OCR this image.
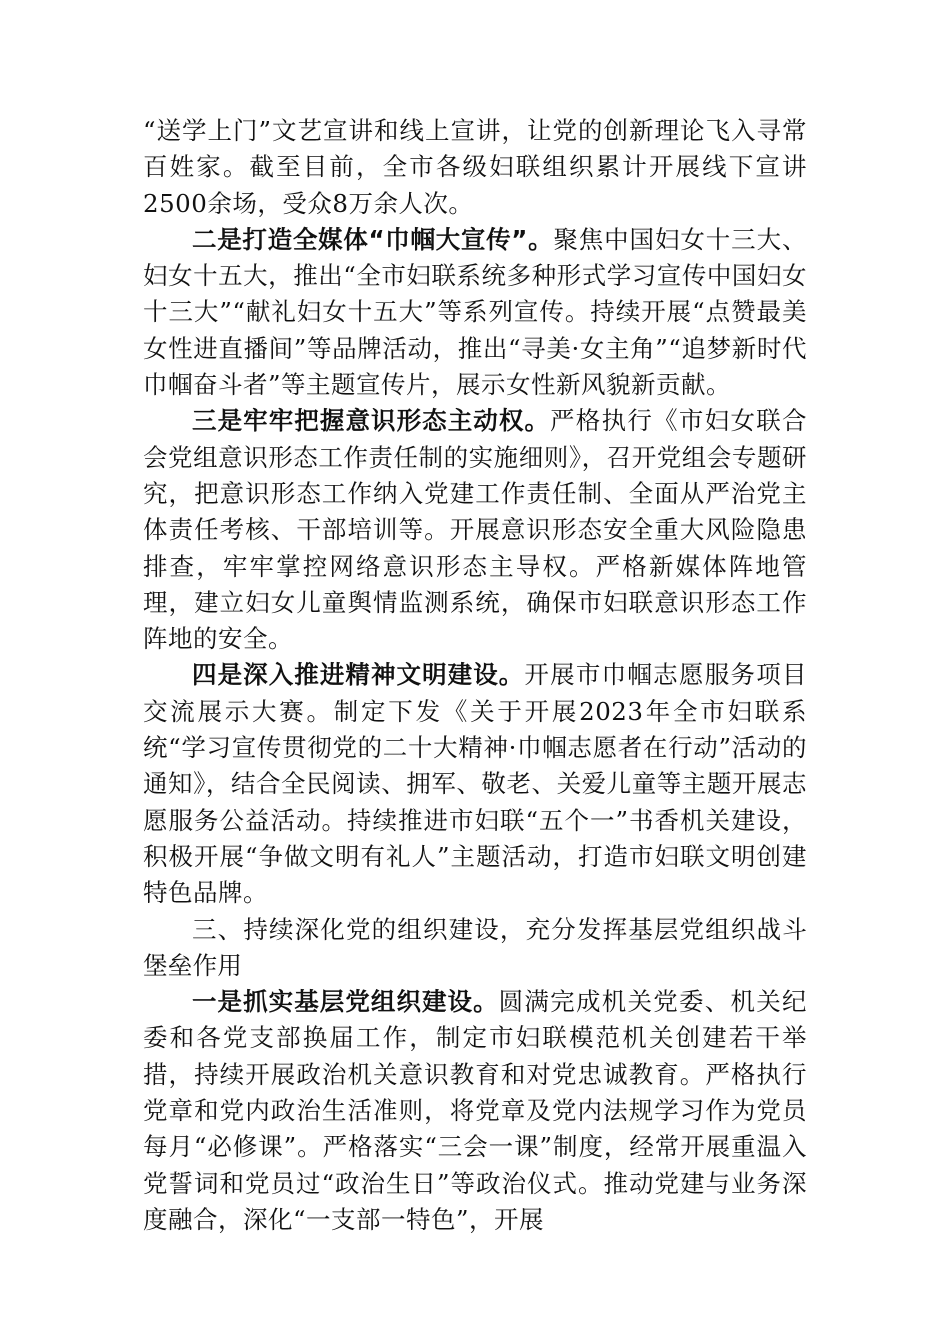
“送学上门”文艺宣讲和线上宣讲，让党的创新理论飞入寻常百姓家。截至目前，全市各级妇联组织累计开展线下宣讲2500余场，受众8万余人次。

二是打造全媒体“巾帼大宣传”。聚焦中国妇女十三大、妇女十五大，推出“全市妇联系统多种形式学习宣传中国妇女十三大”“献礼妇女十五大”等系列宣传。持续开展“点赞最美女性进直播间”等品牌活动，推出“寻美·女主角”“追梦新时代 巾帼奋斗者”等主题宣传片，展示女性新风貌新贡献。

三是牢牢把握意识形态主动权。严格执行《市妇女联合会党组意识形态工作责任制的实施细则》，召开党组会专题研究，把意识形态工作纳入党建工作责任制、全面从严治党主体责任考核、干部培训等。开展意识形态安全重大风险隐患排查，牢牢掌控网络意识形态主导权。严格新媒体阵地管理，建立妇女儿童舆情监测系统，确保市妇联意识形态工作阵地的安全。

四是深入推进精神文明建设。开展市巾帼志愿服务项目交流展示大赛。制定下发《关于开展2023年全市妇联系统“学习宣传贯彻党的二十大精神·巾帼志愿者在行动”活动的通知》，结合全民阅读、拥军、敬老、关爱儿童等主题开展志愿服务公益活动。持续推进市妇联“五个一”书香机关建设，积极开展“争做文明有礼人”主题活动，打造市妇联文明创建特色品牌。

三、持续深化党的组织建设，充分发挥基层党组织战斗堡垒作用

一是抓实基层党组织建设。圆满完成机关党委、机关纪委和各党支部换届工作，制定市妇联模范机关创建若干举措，持续开展政治机关意识教育和对党忠诚教育。严格执行党章和党内政治生活准则，将党章及党内法规学习作为党员每月“必修课”。严格落实“三会一课”制度，经常开展重温入党誓词和党员过“政治生日”等政治仪式。推动党建与业务深度融合，深化“一支部一特色”，开展
